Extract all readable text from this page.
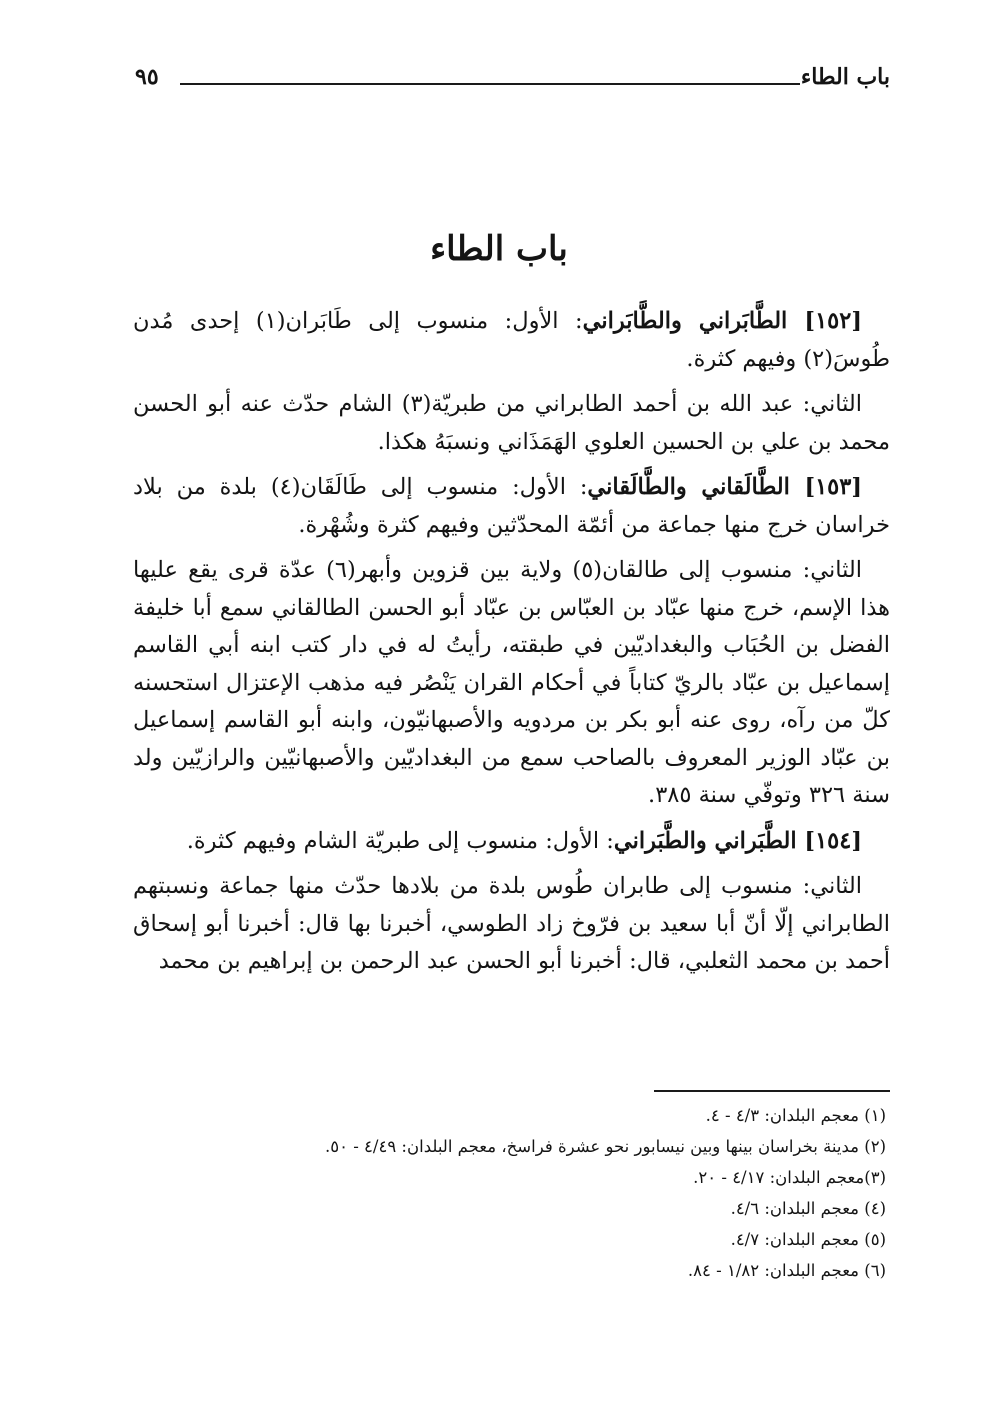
باب الطاء
٩٥
باب الطاء

[١٥٢] الطَّابَراني والطَّابَراني: الأول: منسوب إلى طَابَران(١) إحدى مُدن طُوسَ(٢) وفيهم كثرة.

الثاني: عبد الله بن أحمد الطابراني من طبريّة(٣) الشام حدّث عنه أبو الحسن محمد بن علي بن الحسين العلوي الهَمَذَاني ونسبَهُ هكذا.

[١٥٣] الطَّالَقاني والطَّالَقاني: الأول: منسوب إلى طَالَقَان(٤) بلدة من بلاد خراسان خرج منها جماعة من أئمّة المحدّثين وفيهم كثرة وشُهْرة.

الثاني: منسوب إلى طالقان(٥) ولاية بين قزوين وأبهر(٦) عدّة قرى يقع عليها هذا الإسم، خرج منها عبّاد بن العبّاس بن عبّاد أبو الحسن الطالقاني سمع أبا خليفة الفضل بن الحُبَاب والبغداديّين في طبقته، رأيتُ له في دار كتب ابنه أبي القاسم إسماعيل بن عبّاد بالريّ كتاباً في أحكام القران يَنْصُر فيه مذهب الإعتزال استحسنه كلّ من رآه، روى عنه أبو بكر بن مردويه والأصبهانيّون، وابنه أبو القاسم إسماعيل بن عبّاد الوزير المعروف بالصاحب سمع من البغداديّين والأصبهانيّين والرازيّين ولد سنة ٣٢٦ وتوفّي سنة ٣٨٥.

[١٥٤] الطَّبَراني والطَّبَراني: الأول: منسوب إلى طبريّة الشام وفيهم كثرة.

الثاني: منسوب إلى طابران طُوس بلدة من بلادها حدّث منها جماعة ونسبتهم الطابراني إلّا أنّ أبا سعيد بن فرّوخ زاد الطوسي، أخبرنا بها قال: أخبرنا أبو إسحاق أحمد بن محمد الثعلبي، قال: أخبرنا أبو الحسن عبد الرحمن بن إبراهيم بن محمد

(١) معجم البلدان: ٤/٣ - ٤.
(٢) مدينة بخراسان بينها وبين نيسابور نحو عشرة فراسخ، معجم البلدان: ٤/٤٩ - ٥٠.
(٣)معجم البلدان: ٤/١٧ - ٢٠.
(٤) معجم البلدان: ٤/٦.
(٥) معجم البلدان: ٤/٧.
(٦) معجم البلدان: ١/٨٢ - ٨٤.
